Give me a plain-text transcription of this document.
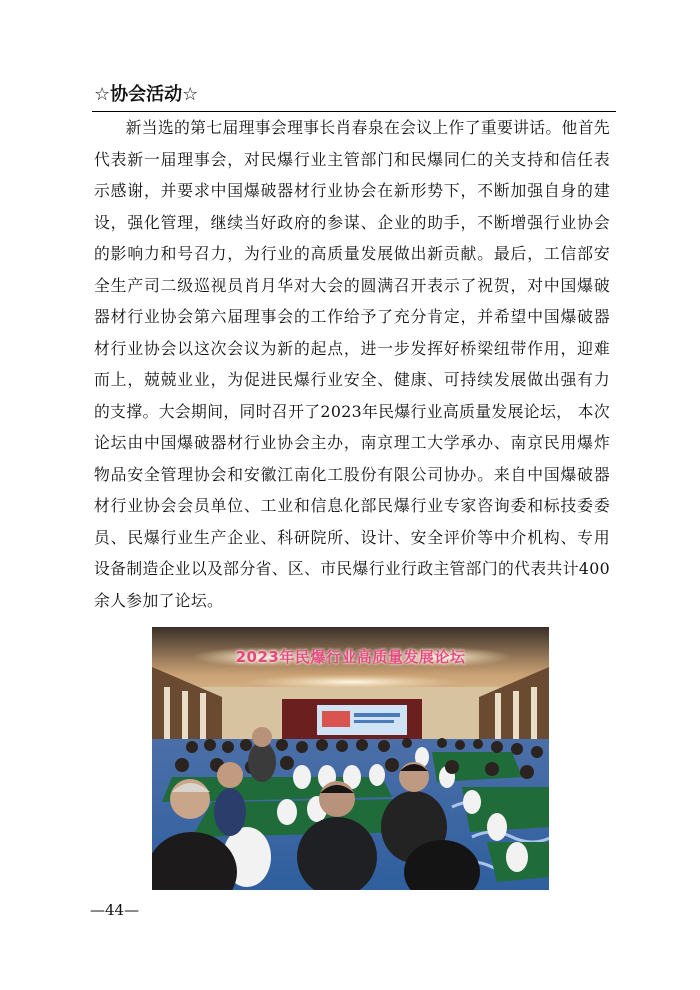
☆协会活动☆

新当选的第七届理事会理事长肖春泉在会议上作了重要讲话。他首先代表新一届理事会，对民爆行业主管部门和民爆同仁的关支持和信任表示感谢，并要求中国爆破器材行业协会在新形势下，不断加强自身的建设，强化管理，继续当好政府的参谋、企业的助手，不断增强行业协会的影响力和号召力，为行业的高质量发展做出新贡献。最后，工信部安全生产司二级巡视员肖月华对大会的圆满召开表示了祝贺，对中国爆破器材行业协会第六届理事会的工作给予了充分肯定，并希望中国爆破器材行业协会以这次会议为新的起点，进一步发挥好桥梁纽带作用，迎难而上，兢兢业业，为促进民爆行业安全、健康、可持续发展做出强有力的支撑。大会期间，同时召开了2023年民爆行业高质量发展论坛， 本次论坛由中国爆破器材行业协会主办，南京理工大学承办、南京民用爆炸物品安全管理协会和安徽江南化工股份有限公司协办。来自中国爆破器材行业协会会员单位、工业和信息化部民爆行业专家咨询委和标技委委员、民爆行业生产企业、科研院所、设计、安全评价等中介机构、专用设备制造企业以及部分省、区、市民爆行业行政主管部门的代表共计400余人参加了论坛。

2023年民爆行业高质量发展论坛
—44—
